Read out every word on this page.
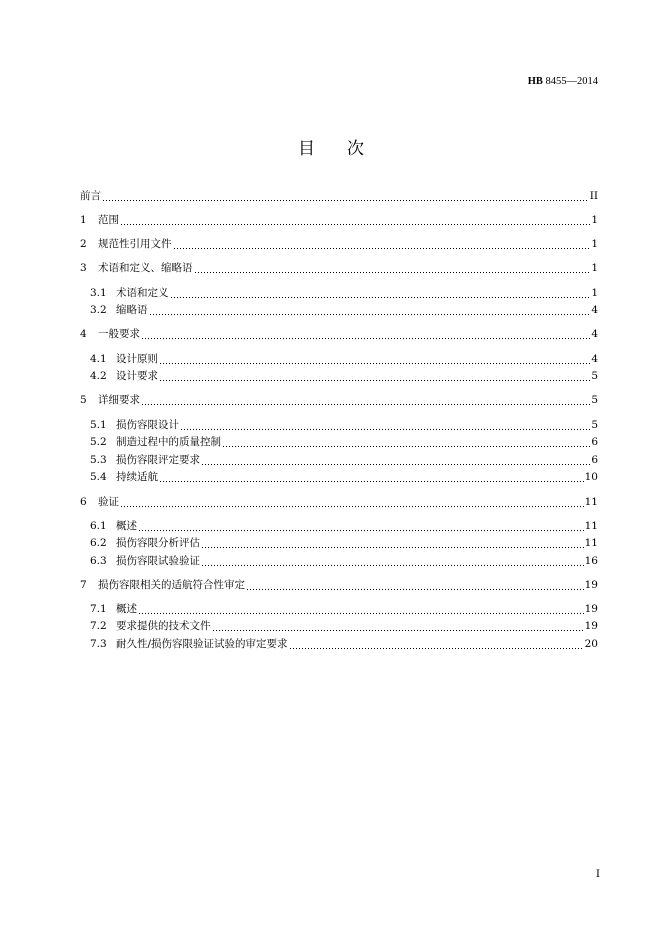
HB 8455—2014
目次
前言	II
1	范围	1
2	规范性引用文件	1
3	术语和定义、缩略语	1
3.1 术语和定义	1
3.2 缩略语	4
4	一般要求	4
4.1 设计原则	4
4.2 设计要求	5
5	详细要求	5
5.1 损伤容限设计	5
5.2 制造过程中的质量控制	6
5.3 损伤容限评定要求	6
5.4 持续适航	10
6	验证	11
6.1 概述	11
6.2 损伤容限分析评估	11
6.3 损伤容限试验验证	16
7	损伤容限相关的适航符合性审定	19
7.1 概述	19
7.2 要求提供的技术文件	19
7.3 耐久性/损伤容限验证试验的审定要求	20
I
